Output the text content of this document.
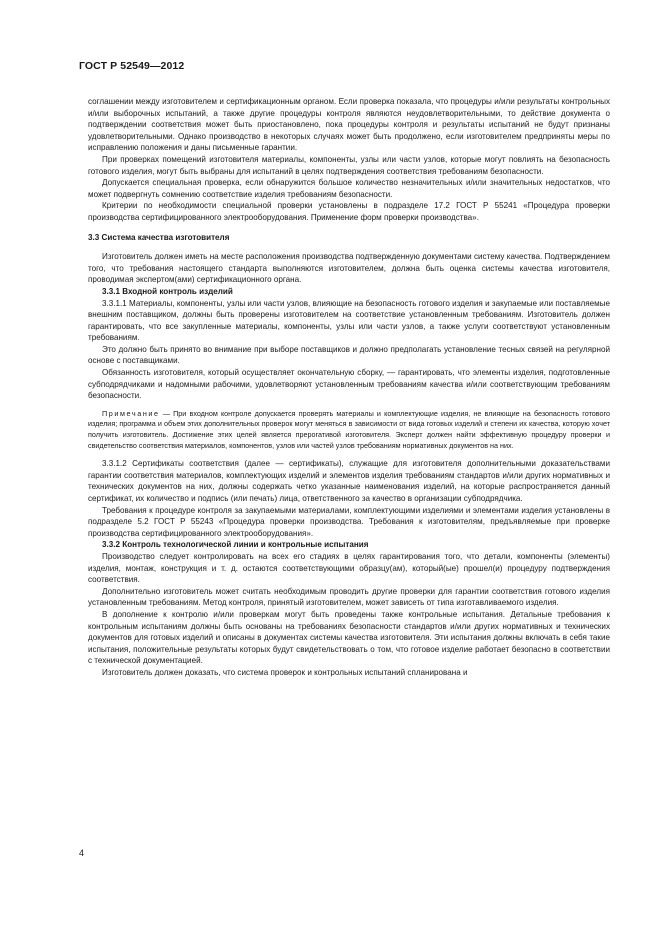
ГОСТ Р 52549—2012

соглашении между изготовителем и сертификационным органом. Если проверка показала, что процедуры и/или результаты контрольных и/или выборочных испытаний, а также другие процедуры контроля являются неудовлетворительными, то действие документа о подтверждении соответствия может быть приостановлено, пока процедуры контроля и результаты испытаний не будут признаны удовлетворительными. Однако производство в некоторых случаях может быть продолжено, если изготовителем предприняты меры по исправлению положения и даны письменные гарантии.

При проверках помещений изготовителя материалы, компоненты, узлы или части узлов, которые могут повлиять на безопасность готового изделия, могут быть выбраны для испытаний в целях подтверждения соответствия требованиям безопасности.

Допускается специальная проверка, если обнаружится большое количество незначительных и/или значительных недостатков, что может подвергнуть сомнению соответствие изделия требованиям безопасности.

Критерии по необходимости специальной проверки установлены в подразделе 17.2 ГОСТ Р 55241 «Процедура проверки производства сертифицированного электрооборудования. Применение форм проверки производства».

3.3 Система качества изготовителя

Изготовитель должен иметь на месте расположения производства подтвержденную документами систему качества. Подтверждением того, что требования настоящего стандарта выполняются изготовителем, должна быть оценка системы качества изготовителя, проводимая экспертом(ами) сертификационного органа.

3.3.1 Входной контроль изделий

3.3.1.1 Материалы, компоненты, узлы или части узлов, влияющие на безопасность готового изделия и закупаемые или поставляемые внешним поставщиком, должны быть проверены изготовителем на соответствие установленным требованиям. Изготовитель должен гарантировать, что все закупленные материалы, компоненты, узлы или части узлов, а также услуги соответствуют установленным требованиям.

Это должно быть принято во внимание при выборе поставщиков и должно предполагать установление тесных связей на регулярной основе с поставщиками.

Обязанность изготовителя, который осуществляет окончательную сборку, — гарантировать, что элементы изделия, подготовленные субподрядчиками и надомными рабочими, удовлетворяют установленным требованиям качества и/или соответствующим требованиям безопасности.

Примечание — При входном контроле допускается проверять материалы и комплектующие изделия, не влияющие на безопасность готового изделия; программа и объем этих дополнительных проверок могут меняться в зависимости от вида готовых изделий и степени их качества, которую хочет получить изготовитель. Достижение этих целей является прерогативой изготовителя. Эксперт должен найти эффективную процедуру проверки и свидетельство соответствия материалов, компонентов, узлов или частей узлов требованиям нормативных документов на них.

3.3.1.2 Сертификаты соответствия (далее — сертификаты), служащие для изготовителя дополнительными доказательствами гарантии соответствия материалов, комплектующих изделий и элементов изделия требованиям стандартов и/или других нормативных и технических документов на них, должны содержать четко указанные наименования изделий, на которые распространяется данный сертификат, их количество и подпись (или печать) лица, ответственного за качество в организации субподрядчика.

Требования к процедуре контроля за закупаемыми материалами, комплектующими изделиями и элементами изделия установлены в подразделе 5.2 ГОСТ Р 55243 «Процедура проверки производства. Требования к изготовителям, предъявляемые при проверке производства сертифицированного электрооборудования».

3.3.2 Контроль технологической линии и контрольные испытания

Производство следует контролировать на всех его стадиях в целях гарантирования того, что детали, компоненты (элементы) изделия, монтаж, конструкция и т. д. остаются соответствующими образцу(ам), который(ые) прошел(и) процедуру подтверждения соответствия.

Дополнительно изготовитель может считать необходимым проводить другие проверки для гарантии соответствия готового изделия установленным требованиям. Метод контроля, принятый изготовителем, может зависеть от типа изготавливаемого изделия.

В дополнение к контролю и/или проверкам могут быть проведены также контрольные испытания. Детальные требования к контрольным испытаниям должны быть основаны на требованиях безопасности стандартов и/или других нормативных и технических документов для готовых изделий и описаны в документах системы качества изготовителя. Эти испытания должны включать в себя такие испытания, положительные результаты которых будут свидетельствовать о том, что готовое изделие работает безопасно в соответствии с технической документацией.

Изготовитель должен доказать, что система проверок и контрольных испытаний спланирована и

4
